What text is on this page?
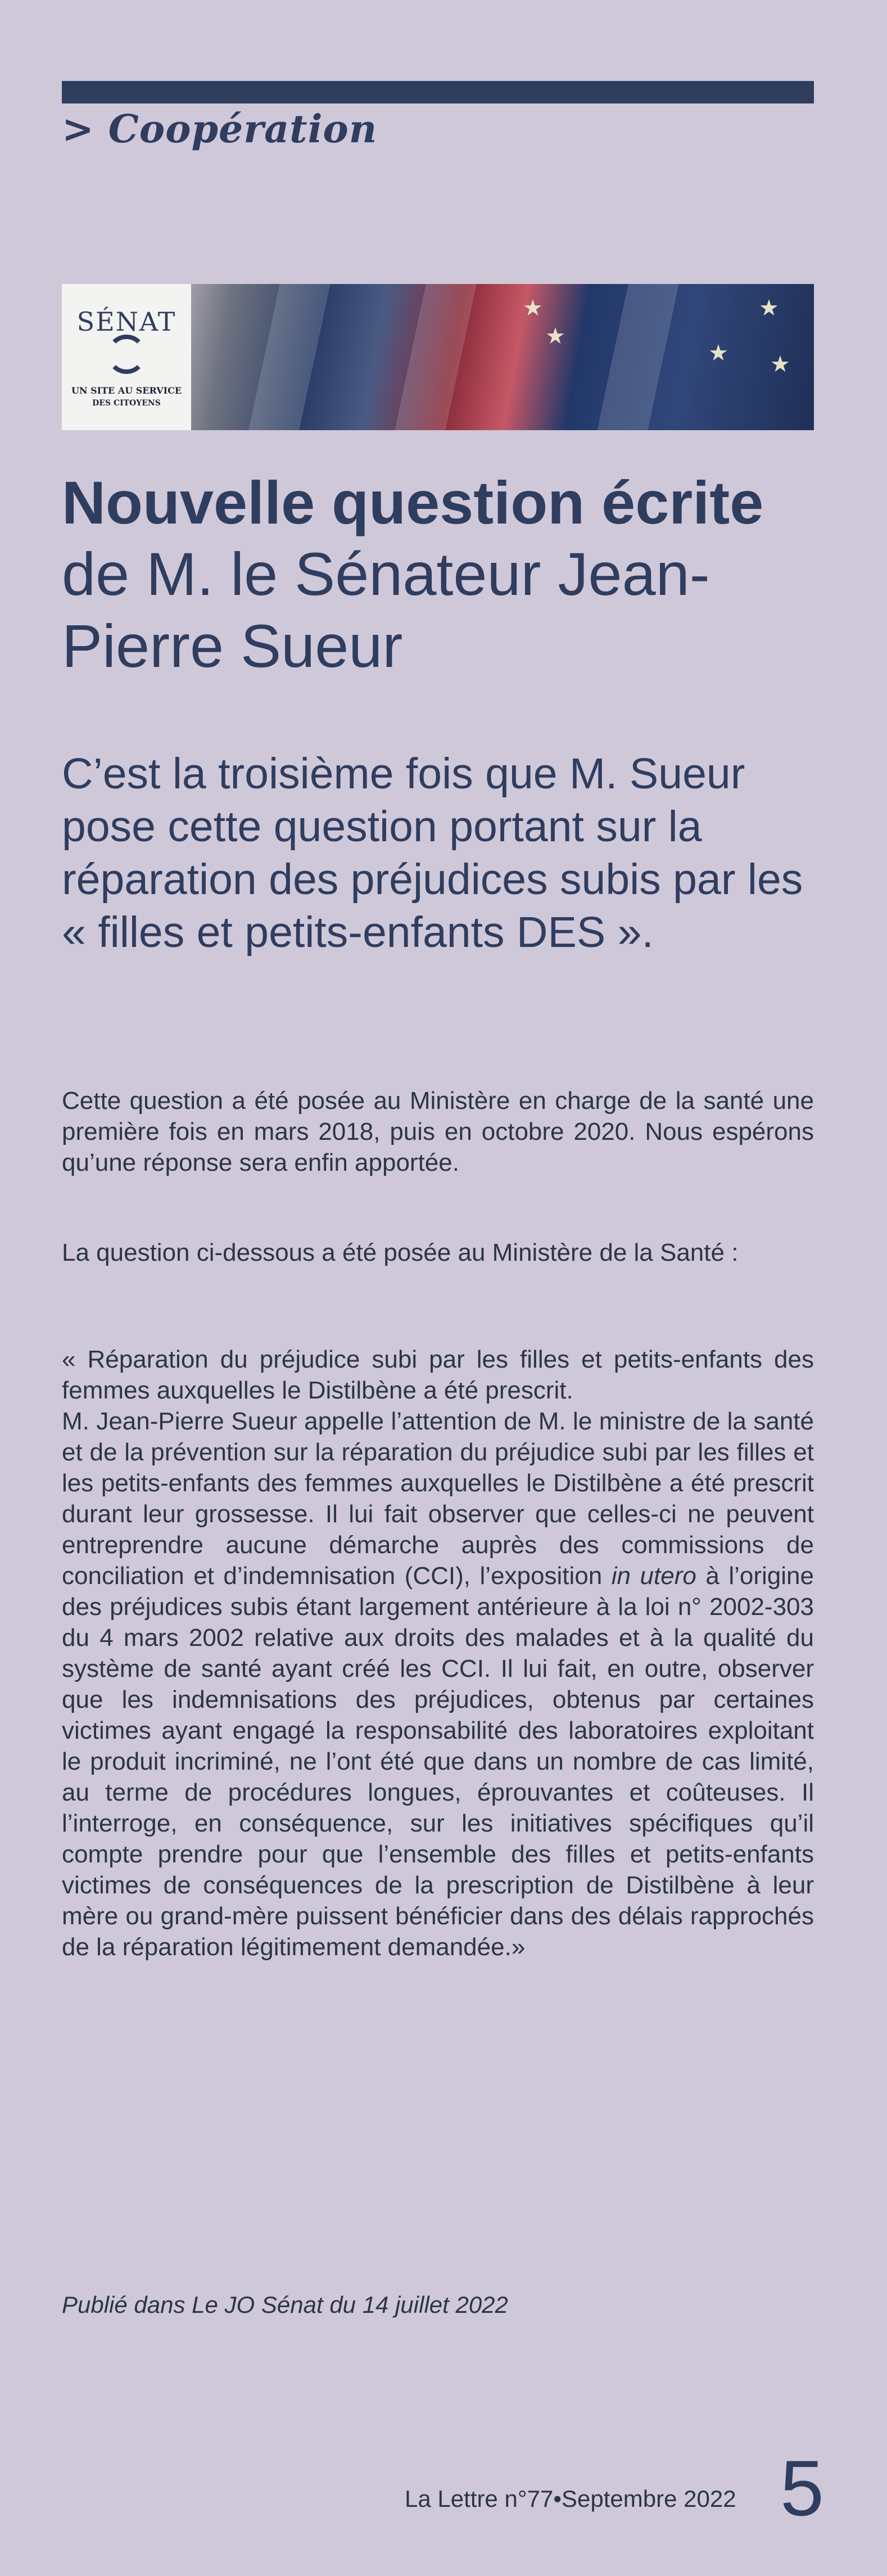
> Coopération
★
★
★
★
★
SÉNAT
UN SITE AU SERVICE
DES CITOYENS
Nouvelle question écrite
de M. le Sénateur Jean-Pierre Sueur

C’est la troisième fois que M. Sueur pose cette question portant sur la réparation des préjudices subis par les « filles et petits-enfants DES ».

Cette question a été posée au Ministère en charge de la santé une première fois en mars 2018, puis en octobre 2020. Nous espérons qu’une réponse sera enfin apportée.

La question ci-dessous a été posée au Ministère de la Santé :

« Réparation du préjudice subi par les filles et petits-enfants des femmes auxquelles le Distilbène a été prescrit.
M. Jean-Pierre Sueur appelle l’attention de M. le ministre de la santé et de la prévention sur la réparation du préjudice subi par les filles et les petits-enfants des femmes auxquelles le Distilbène a été prescrit durant leur grossesse. Il lui fait observer que celles-ci ne peuvent entreprendre aucune démarche auprès des commissions de conciliation et d’indemnisation (CCI), l’exposition in utero à l’origine des préjudices subis étant largement antérieure à la loi n° 2002-303 du 4 mars 2002 relative aux droits des malades et à la qualité du système de santé ayant créé les CCI. Il lui fait, en outre, observer que les indemnisations des préjudices, obtenus par certaines victimes ayant engagé la responsabilité des laboratoires exploitant le produit incriminé, ne l’ont été que dans un nombre de cas limité, au terme de procédures longues, éprouvantes et coûteuses. Il l’interroge, en conséquence, sur les initiatives spécifiques qu’il compte prendre pour que l’ensemble des filles et petits-enfants victimes de conséquences de la prescription de Distilbène à leur mère ou grand-mère puissent bénéficier dans des délais rapprochés de la réparation légitimement demandée.»

Publié dans Le JO Sénat du 14 juillet 2022

La Lettre n°77•Septembre 2022 5
